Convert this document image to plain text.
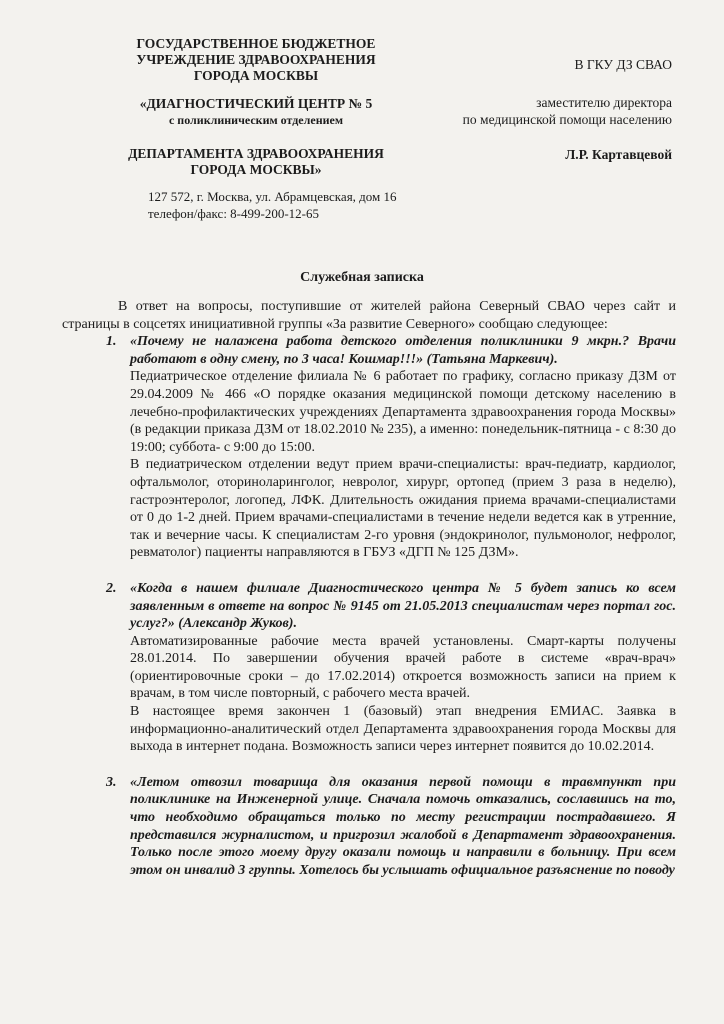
ГОСУДАРСТВЕННОЕ БЮДЖЕТНОЕ
УЧРЕЖДЕНИЕ ЗДРАВООХРАНЕНИЯ
ГОРОДА МОСКВЫ
«ДИАГНОСТИЧЕСКИЙ ЦЕНТР № 5
с поликлиническим отделением
ДЕПАРТАМЕНТА ЗДРАВООХРАНЕНИЯ
ГОРОДА МОСКВЫ»
127 572, г. Москва, ул. Абрамцевская, дом 16
телефон/факс: 8-499-200-12-65
В ГКУ ДЗ СВАО
заместителю директора
по медицинской помощи населению
Л.Р. Картавцевой
Служебная записка

В ответ на вопросы, поступившие от жителей района Северный СВАО через сайт и страницы в соцсетях инициативной группы «За развитие Северного» сообщаю следующее:

1. «Почему не налажена работа детского отделения поликлиники 9 мкрн.? Врачи работают в одну смену, по 3 часа! Кошмар!!!» (Татьяна Маркевич).

Педиатрическое отделение филиала № 6 работает по графику, согласно приказу ДЗМ от 29.04.2009 № 466 «О порядке оказания медицинской помощи детскому населению в лечебно-профилактических учреждениях Департамента здравоохранения города Москвы» (в редакции приказа ДЗМ от 18.02.2010 № 235), а именно: понедельник-пятница - с 8:30 до 19:00; суббота- с 9:00 до 15:00.

В педиатрическом отделении ведут прием врачи-специалисты: врач-педиатр, кардиолог, офтальмолог, оториноларинголог, невролог, хирург, ортопед (прием 3 раза в неделю), гастроэнтеролог, логопед, ЛФК. Длительность ожидания приема врачами-специалистами от 0 до 1-2 дней. Прием врачами-специалистами в течение недели ведется как в утренние, так и вечерние часы. К специалистам 2-го уровня (эндокринолог, пульмонолог, нефролог, ревматолог) пациенты направляются в ГБУЗ «ДГП № 125 ДЗМ».

2. «Когда в нашем филиале Диагностического центра № 5 будет запись ко всем заявленным в ответе на вопрос № 9145 от 21.05.2013 специалистам через портал гос. услуг?» (Александр Жуков).

Автоматизированные рабочие места врачей установлены. Смарт-карты получены 28.01.2014. По завершении обучения врачей работе в системе «врач-врач» (ориентировочные сроки – до 17.02.2014) откроется возможность записи на прием к врачам, в том числе повторный, с рабочего места врачей.

В настоящее время закончен 1 (базовый) этап внедрения ЕМИАС. Заявка в информационно-аналитический отдел Департамента здравоохранения города Москвы для выхода в интернет подана. Возможность записи через интернет появится до 10.02.2014.

3. «Летом отвозил товарища для оказания первой помощи в травмпункт при поликлинике на Инженерной улице. Сначала помочь отказались, сославшись на то, что необходимо обращаться только по месту регистрации пострадавшего. Я представился журналистом, и пригрозил жалобой в Департамент здравоохранения. Только после этого моему другу оказали помощь и направили в больницу. При всем этом он инвалид 3 группы. Хотелось бы услышать официальное разъяснение по поводу
